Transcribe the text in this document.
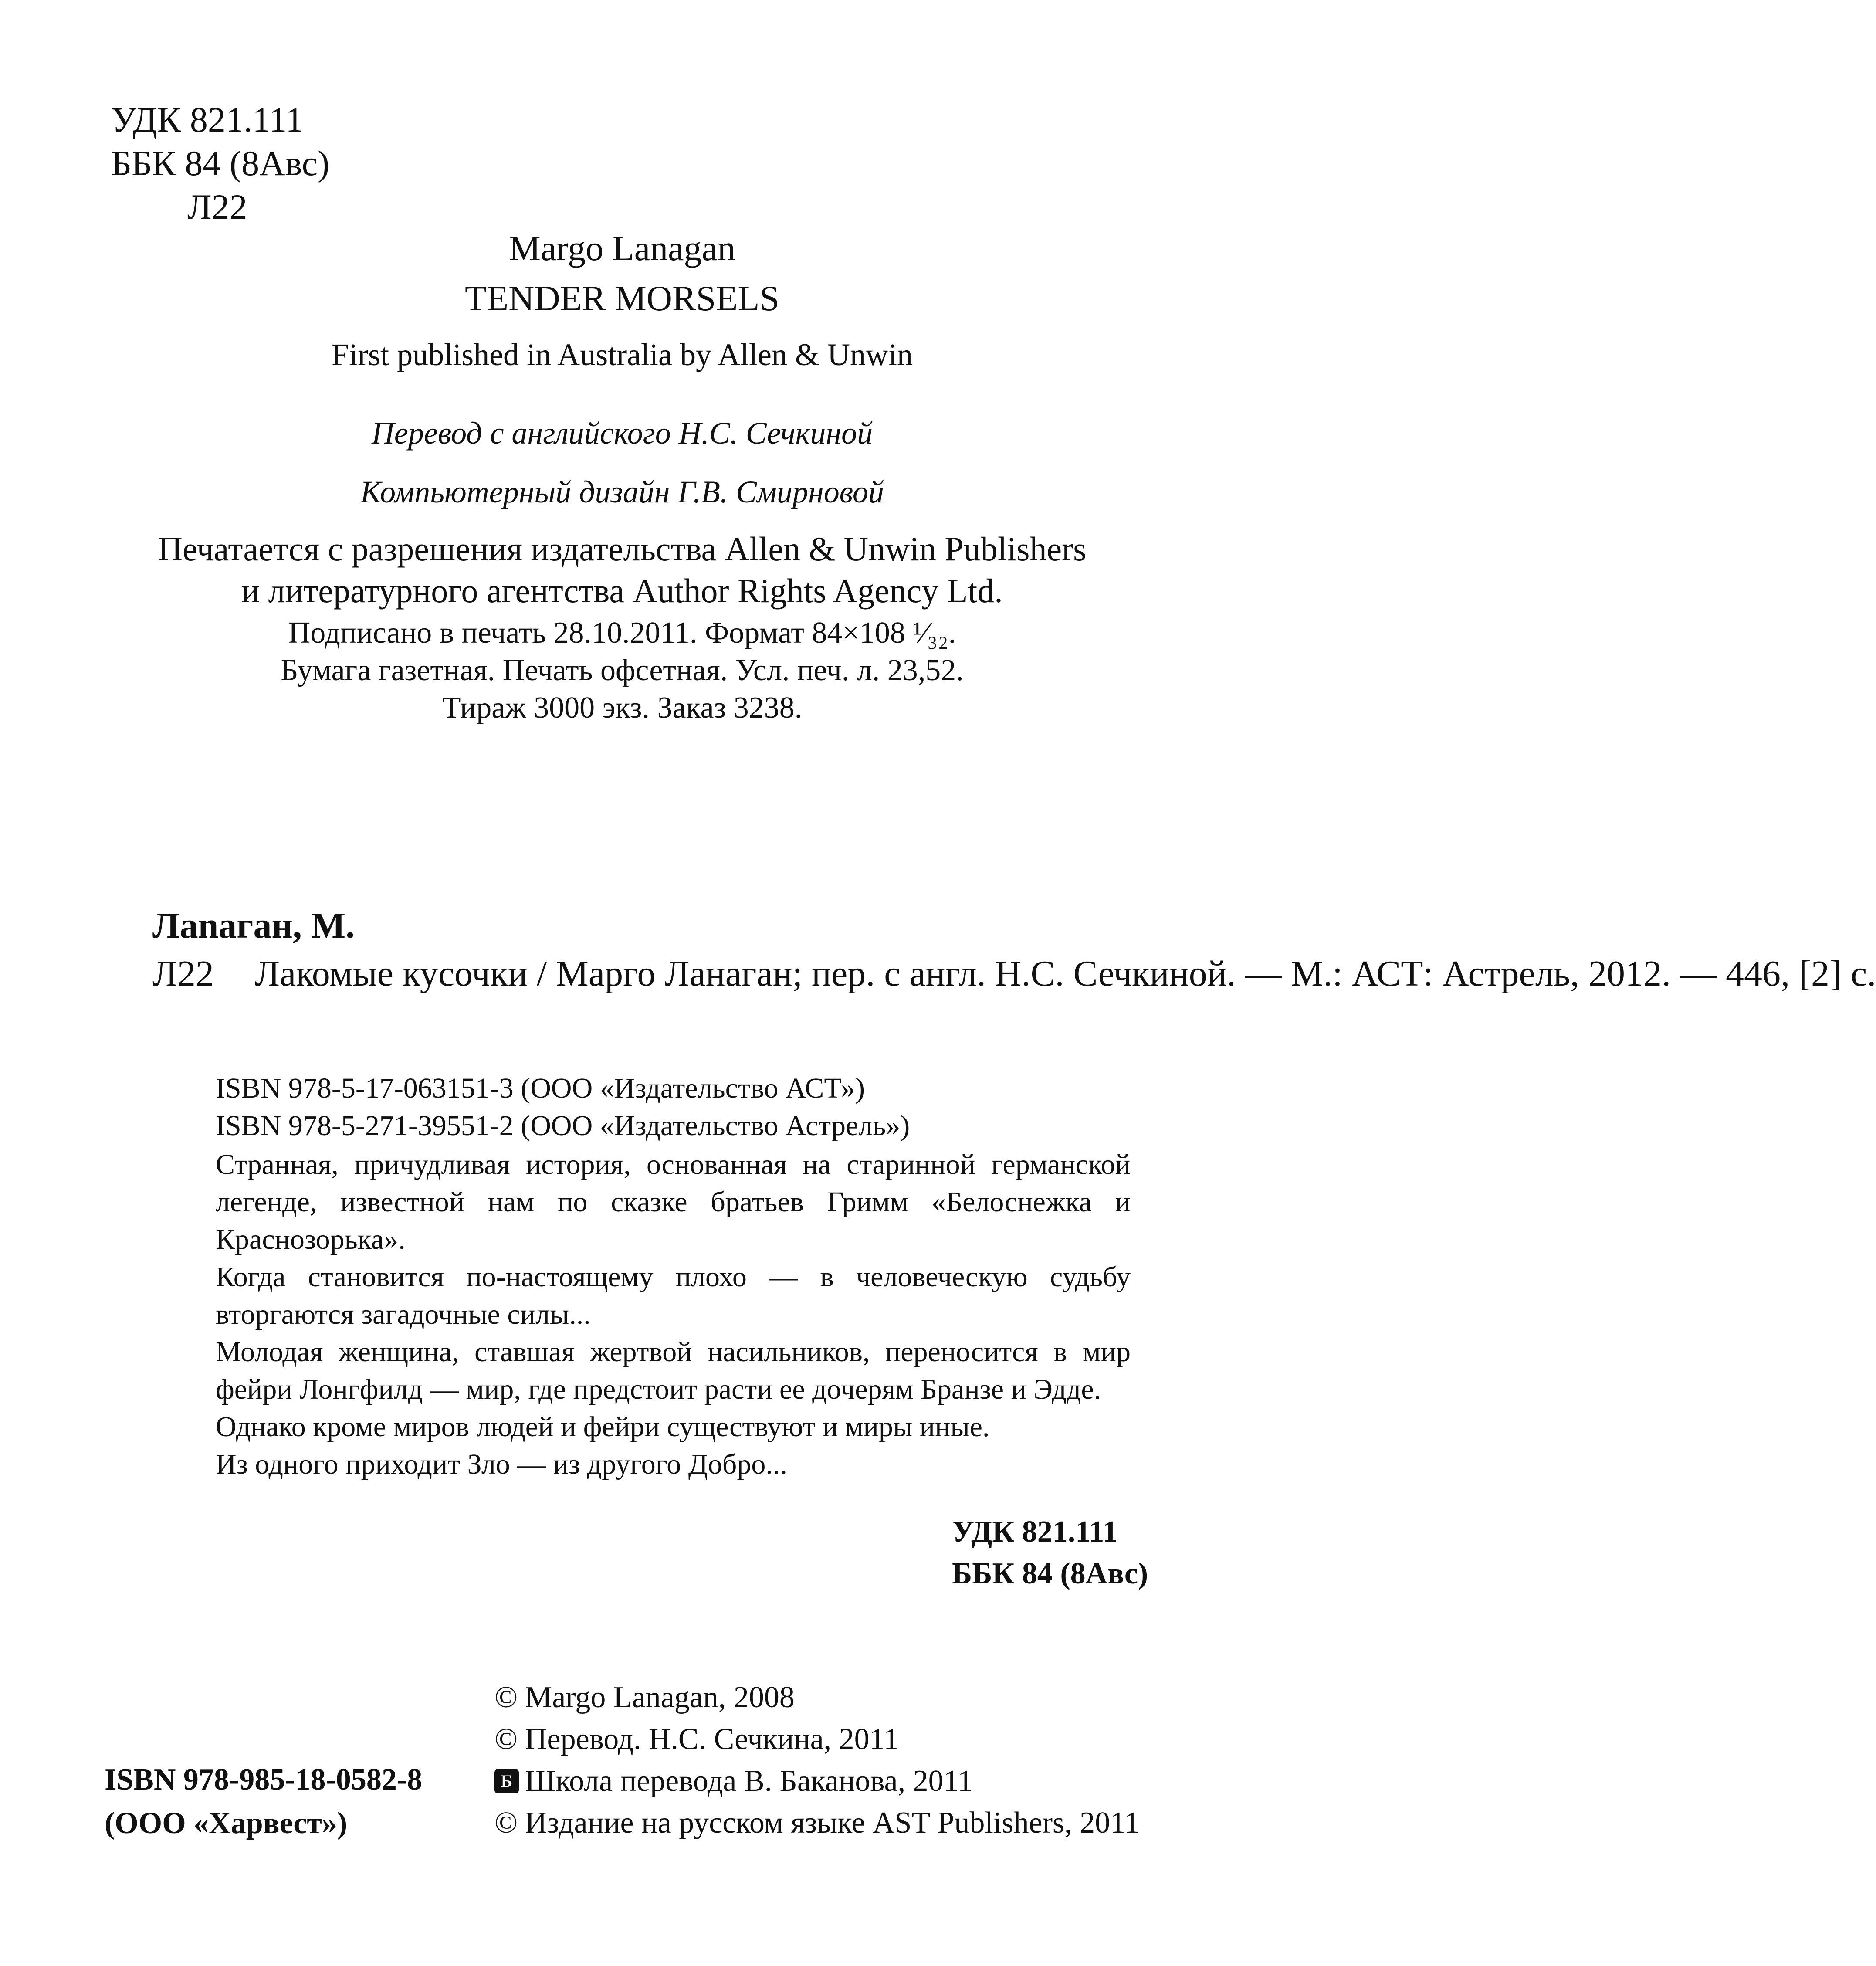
УДК 821.111
ББК 84 (8Авс)
Л22
Margo Lanagan
TENDER MORSELS
First published in Australia by Allen & Unwin
Перевод с английского Н.С. Сечкиной
Компьютерный дизайн Г.В. Смирновой
Печатается с разрешения издательства Allen & Unwin Publishers
и литературного агентства Author Rights Agency Ltd.
Подписано в печать 28.10.2011. Формат 84×108 ¹⁄₃₂.
Бумага газетная. Печать офсетная. Усл. печ. л. 23,52.
Тираж 3000 экз. Заказ 3238.
Лanaган, М.
Л22	Лакомые кусочки / Марго Ланаган; пер. с англ. Н.С. Сечкиной. — М.: АСТ: Астрель, 2012. — 446, [2] с.
ISBN 978-5-17-063151-3 (ООО «Издательство АСТ»)
ISBN 978-5-271-39551-2 (ООО «Издательство Астрель»)

Странная, причудливая история, основанная на старинной германской легенде, известной нам по сказке братьев Гримм «Белоснежка и Краснозорька».

Когда становится по-настоящему плохо — в человеческую судьбу вторгаются загадочные силы...

Молодая женщина, ставшая жертвой насильников, переносится в мир фейри Лонгфилд — мир, где предстоит расти ее дочерям Бранзе и Эдде.

Однако кроме миров людей и фейри существуют и миры иные.

Из одного приходит Зло — из другого Добро...

УДК 821.111
ББК 84 (8Авс)
ISBN 978-985-18-0582-8
(ООО «Харвест»)
© Margo Lanagan, 2008
© Перевод. Н.С. Сечкина, 2011
Б Школа перевода В. Баканова, 2011
© Издание на русском языке AST Publishers, 2011
